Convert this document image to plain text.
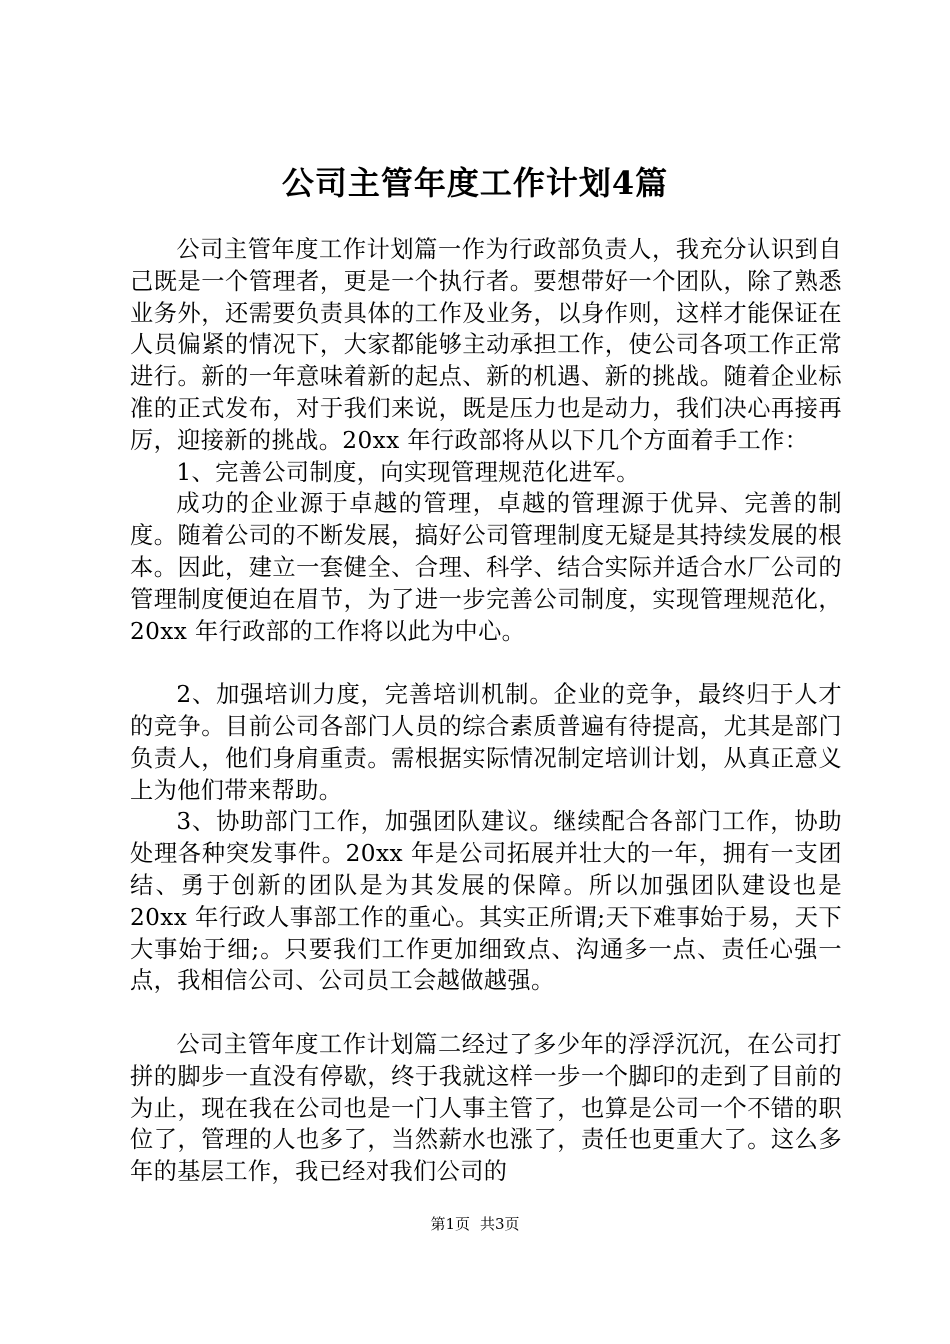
公司主管年度工作计划4篇

公司主管年度工作计划篇一作为行政部负责人，我充分认识到自己既是一个管理者，更是一个执行者。要想带好一个团队，除了熟悉业务外，还需要负责具体的工作及业务，以身作则，这样才能保证在人员偏紧的情况下，大家都能够主动承担工作，使公司各项工作正常进行。新的一年意味着新的起点、新的机遇、新的挑战。随着企业标准的正式发布，对于我们来说，既是压力也是动力，我们决心再接再厉，迎接新的挑战。20xx 年行政部将从以下几个方面着手工作：

1、完善公司制度，向实现管理规范化进军。

成功的企业源于卓越的管理，卓越的管理源于优异、完善的制度。随着公司的不断发展，搞好公司管理制度无疑是其持续发展的根本。因此，建立一套健全、合理、科学、结合实际并适合水厂公司的管理制度便迫在眉节，为了进一步完善公司制度，实现管理规范化，20xx 年行政部的工作将以此为中心。

2、加强培训力度，完善培训机制。企业的竞争，最终归于人才的竞争。目前公司各部门人员的综合素质普遍有待提高，尤其是部门负责人，他们身肩重责。需根据实际情况制定培训计划，从真正意义上为他们带来帮助。

3、协助部门工作，加强团队建议。继续配合各部门工作，协助处理各种突发事件。20xx 年是公司拓展并壮大的一年，拥有一支团结、勇于创新的团队是为其发展的保障。所以加强团队建设也是 20xx 年行政人事部工作的重心。其实正所谓;天下难事始于易，天下大事始于细;。只要我们工作更加细致点、沟通多一点、责任心强一点，我相信公司、公司员工会越做越强。

公司主管年度工作计划篇二经过了多少年的浮浮沉沉，在公司打拼的脚步一直没有停歇，终于我就这样一步一个脚印的走到了目前的为止，现在我在公司也是一门人事主管了，也算是公司一个不错的职位了，管理的人也多了，当然薪水也涨了，责任也更重大了。这么多年的基层工作，我已经对我们公司的

第1页 共3页
